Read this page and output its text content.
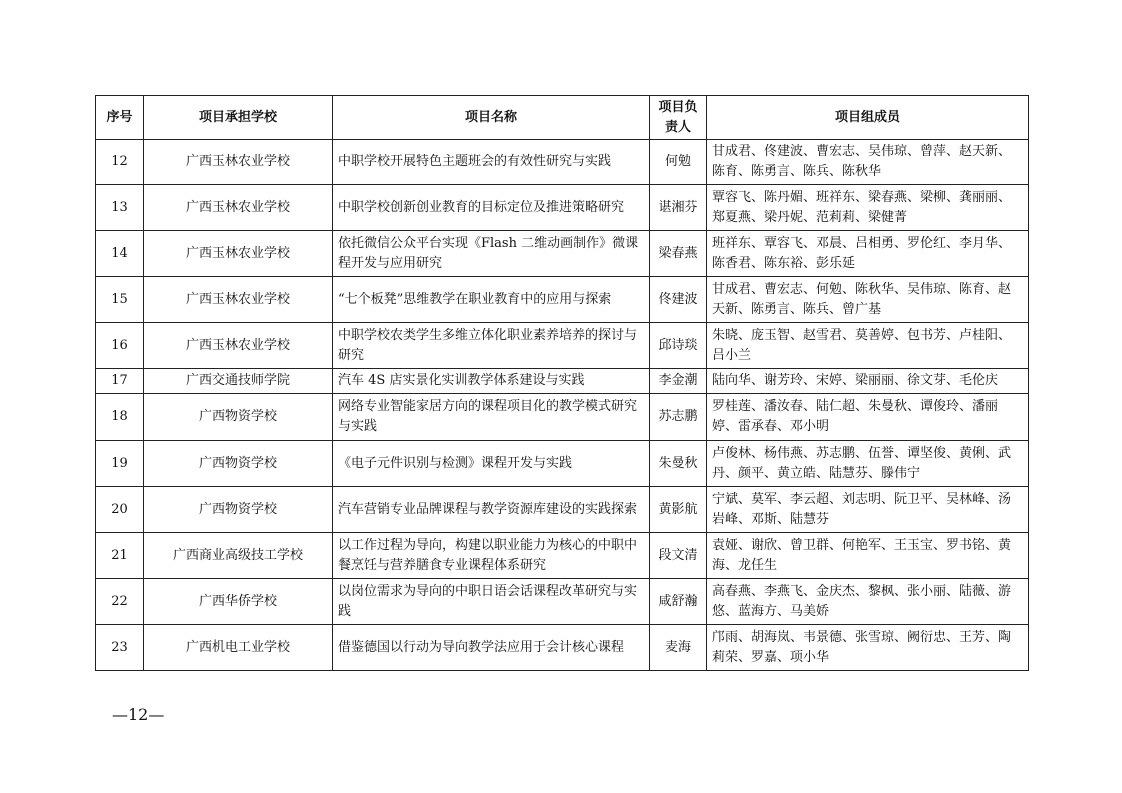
序号	项目承担学校	项目名称	项目负责人	项目组成员
12	广西玉林农业学校	中职学校开展特色主题班会的有效性研究与实践	何勉	甘成君、佟建波、曹宏志、吴伟琼、曾萍、赵天新、陈育、陈勇言、陈兵、陈秋华
13	广西玉林农业学校	中职学校创新创业教育的目标定位及推进策略研究	谌湘芬	覃容飞、陈丹媚、班祥东、梁春燕、梁柳、龚丽丽、郑夏燕、梁丹妮、范莉莉、梁健菁
14	广西玉林农业学校	依托微信公众平台实现《Flash 二维动画制作》微课程开发与应用研究	梁春燕	班祥东、覃容飞、邓晨、吕相勇、罗伦红、李月华、陈香君、陈东裕、彭乐延
15	广西玉林农业学校	“七个板凳”思维教学在职业教育中的应用与探索	佟建波	甘成君、曹宏志、何勉、陈秋华、吴伟琼、陈育、赵天新、陈勇言、陈兵、曾广基
16	广西玉林农业学校	中职学校农类学生多维立体化职业素养培养的探讨与研究	邱诗琰	朱晓、庞玉智、赵雪君、莫善婷、包书芳、卢桂阳、吕小兰
17	广西交通技师学院	汽车 4S 店实景化实训教学体系建设与实践	李金潮	陆向华、谢芳玲、宋婷、梁丽丽、徐文芽、毛伦庆
18	广西物资学校	网络专业智能家居方向的课程项目化的教学模式研究与实践	苏志鹏	罗桂莲、潘汝春、陆仁超、朱曼秋、谭俊玲、潘丽婷、雷承春、邓小明
19	广西物资学校	《电子元件识别与检测》课程开发与实践	朱曼秋	卢俊林、杨伟燕、苏志鹏、伍誉、谭坚俊、黄俐、武丹、颜平、黄立皓、陆慧芬、滕伟宁
20	广西物资学校	汽车营销专业品牌课程与教学资源库建设的实践探索	黄影航	宁斌、莫军、李云超、刘志明、阮卫平、吴林峰、汤岩峰、邓斯、陆慧芬
21	广西商业高级技工学校	以工作过程为导向，构建以职业能力为核心的中职中餐烹饪与营养膳食专业课程体系研究	段文清	袁娅、谢欣、曾卫群、何艳军、王玉宝、罗书铭、黄海、龙任生
22	广西华侨学校	以岗位需求为导向的中职日语会话课程改革研究与实践	咸舒瀚	高春燕、李燕飞、金庆杰、黎枫、张小丽、陆薇、游悠、蓝海方、马美娇
23	广西机电工业学校	借鉴德国以行动为导向教学法应用于会计核心课程	麦海	邝雨、胡海岚、韦景德、张雪琼、阙衍忠、王芳、陶莉荣、罗嘉、项小华
—12—
